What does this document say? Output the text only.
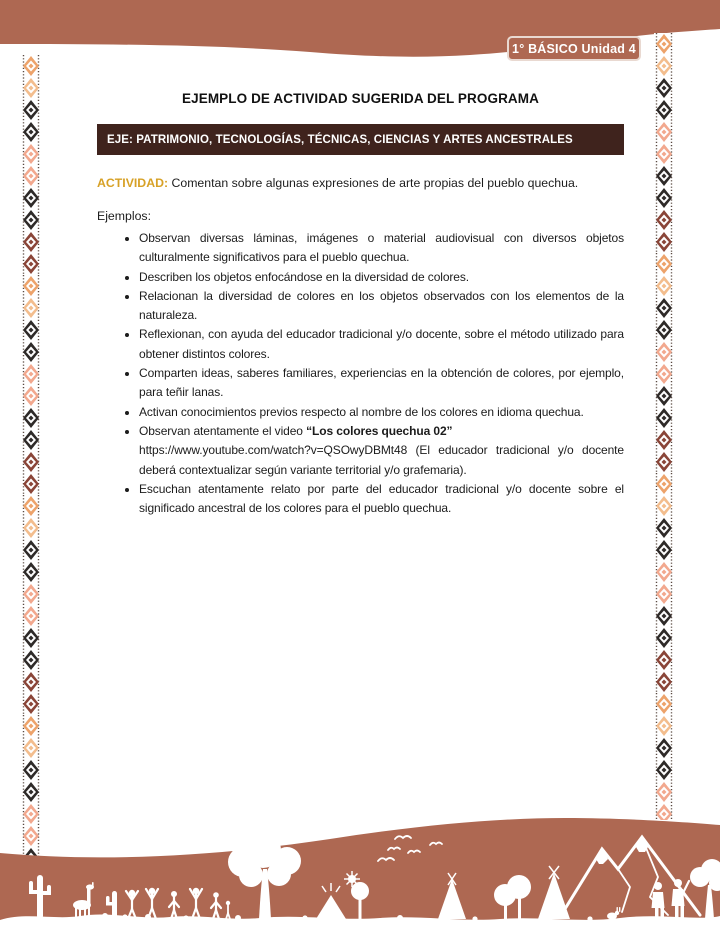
1° BÁSICO Unidad 4
EJEMPLO DE ACTIVIDAD SUGERIDA DEL PROGRAMA
EJE: PATRIMONIO, TECNOLOGÍAS, TÉCNICAS, CIENCIAS Y ARTES ANCESTRALES
ACTIVIDAD: Comentan sobre algunas expresiones de arte propias del pueblo quechua.
Ejemplos:
• Observan diversas láminas, imágenes o material audiovisual con diversos objetos culturalmente significativos para el pueblo quechua.
• Describen los objetos enfocándose en la diversidad de colores.
• Relacionan la diversidad de colores en los objetos observados con los elementos de la naturaleza.
• Reflexionan, con ayuda del educador tradicional y/o docente, sobre el método utilizado para obtener distintos colores.
• Comparten ideas, saberes familiares, experiencias en la obtención de colores, por ejemplo, para teñir lanas.
• Activan conocimientos previos respecto al nombre de los colores en idioma quechua.
• Observan atentamente el video “Los colores quechua 02”
https://www.youtube.com/watch?v=QSOwyDBMt48 (El educador tradicional y/o docente deberá contextualizar según variante territorial y/o grafemaria).
• Escuchan atentamente relato por parte del educador tradicional y/o docente sobre el significado ancestral de los colores para el pueblo quechua.
